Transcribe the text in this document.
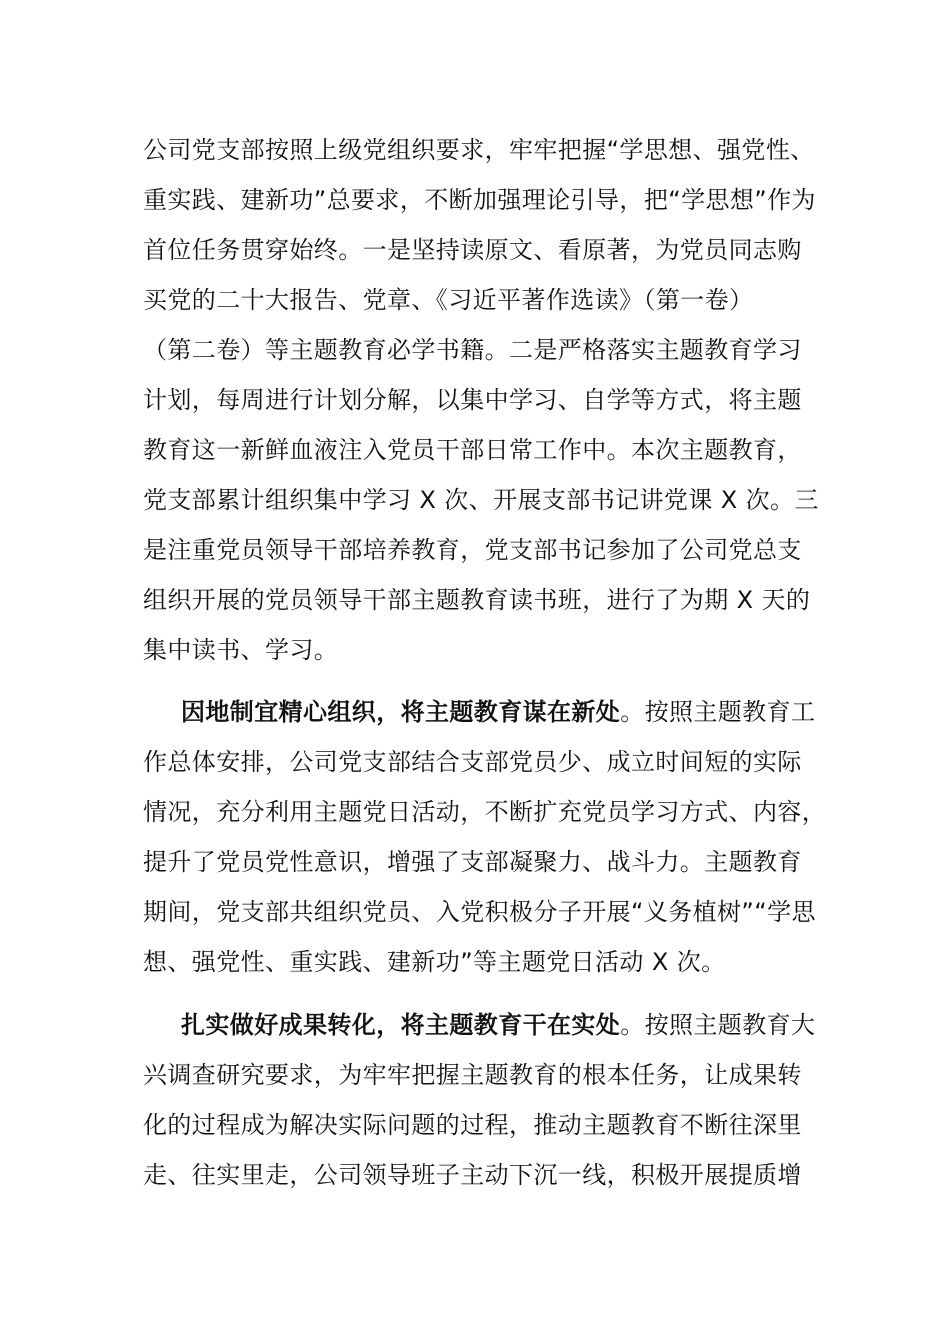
公司党支部按照上级党组织要求，牢牢把握“学思想、强党性、
重实践、建新功”总要求，不断加强理论引导，把“学思想”作为
首位任务贯穿始终。一是坚持读原文、看原著，为党员同志购
买党的二十大报告、党章、《习近平著作选读》（第一卷）
（第二卷）等主题教育必学书籍。二是严格落实主题教育学习
计划，每周进行计划分解，以集中学习、自学等方式，将主题
教育这一新鲜血液注入党员干部日常工作中。本次主题教育，
党支部累计组织集中学习 X 次、开展支部书记讲党课 X 次。三
是注重党员领导干部培养教育，党支部书记参加了公司党总支
组织开展的党员领导干部主题教育读书班，进行了为期 X 天的
集中读书、学习。
因地制宜精心组织，将主题教育谋在新处。按照主题教育工
作总体安排，公司党支部结合支部党员少、成立时间短的实际
情况，充分利用主题党日活动，不断扩充党员学习方式、内容，
提升了党员党性意识，增强了支部凝聚力、战斗力。主题教育
期间，党支部共组织党员、入党积极分子开展“义务植树”“学思
想、强党性、重实践、建新功”等主题党日活动 X 次。
扎实做好成果转化，将主题教育干在实处。按照主题教育大
兴调查研究要求，为牢牢把握主题教育的根本任务，让成果转
化的过程成为解决实际问题的过程，推动主题教育不断往深里
走、往实里走，公司领导班子主动下沉一线，积极开展提质增
